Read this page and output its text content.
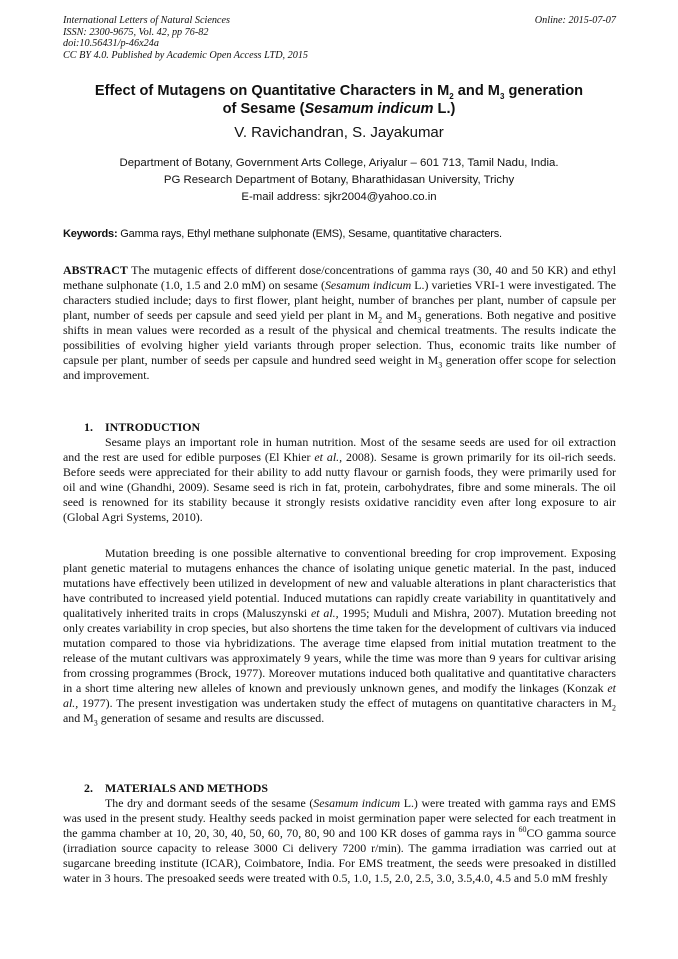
International Letters of Natural Sciences
ISSN: 2300-9675, Vol. 42, pp 76-82
doi:10.56431/p-46x24a
CC BY 4.0. Published by Academic Open Access LTD, 2015
Online: 2015-07-07
Effect of Mutagens on Quantitative Characters in $M_2$ and $M_3$ generation
of Sesame (Sesamum indicum L.)
V. Ravichandran, S. Jayakumar
Department of Botany, Government Arts College, Ariyalur – 601 713, Tamil Nadu, India.
PG Research Department of Botany, Bharathidasan University, Trichy
E-mail address: sjkr2004@yahoo.co.in
Keywords: Gamma rays, Ethyl methane sulphonate (EMS), Sesame, quantitative characters.
ABSTRACT The mutagenic effects of different dose/concentrations of gamma rays (30, 40 and 50 KR) and ethyl methane sulphonate (1.0, 1.5 and 2.0 mM) on sesame (Sesamum indicum L.) varieties VRI-1 were investigated. The characters studied include; days to first flower, plant height, number of branches per plant, number of capsule per plant, number of seeds per capsule and seed yield per plant in $M_2$ and $M_3$ generations. Both negative and positive shifts in mean values were recorded as a result of the physical and chemical treatments. The results indicate the possibilities of evolving higher yield variants through proper selection. Thus, economic traits like number of capsule per plant, number of seeds per capsule and hundred seed weight in $M_3$ generation offer scope for selection and improvement.
1. INTRODUCTION
Sesame plays an important role in human nutrition. Most of the sesame seeds are used for oil extraction and the rest are used for edible purposes (El Khier et al., 2008). Sesame is grown primarily for its oil-rich seeds. Before seeds were appreciated for their ability to add nutty flavour or garnish foods, they were primarily used for oil and wine (Ghandhi, 2009). Sesame seed is rich in fat, protein, carbohydrates, fibre and some minerals. The oil seed is renowned for its stability because it strongly resists oxidative rancidity even after long exposure to air (Global Agri Systems, 2010).
Mutation breeding is one possible alternative to conventional breeding for crop improvement. Exposing plant genetic material to mutagens enhances the chance of isolating unique genetic material. In the past, induced mutations have effectively been utilized in development of new and valuable alterations in plant characteristics that have contributed to increased yield potential. Induced mutations can rapidly create variability in quantitatively and qualitatively inherited traits in crops (Maluszynski et al., 1995; Muduli and Mishra, 2007). Mutation breeding not only creates variability in crop species, but also shortens the time taken for the development of cultivars via induced mutation compared to those via hybridizations. The average time elapsed from initial mutation treatment to the release of the mutant cultivars was approximately 9 years, while the time was more than 9 years for cultivar arising from crossing programmes (Brock, 1977). Moreover mutations induced both qualitative and quantitative characters in a short time altering new alleles of known and previously unknown genes, and modify the linkages (Konzak et al., 1977). The present investigation was undertaken study the effect of mutagens on quantitative characters in $M_2$ and $M_3$ generation of sesame and results are discussed.
2. MATERIALS AND METHODS
The dry and dormant seeds of the sesame (Sesamum indicum L.) were treated with gamma rays and EMS was used in the present study. Healthy seeds packed in moist germination paper were selected for each treatment in the gamma chamber at 10, 20, 30, 40, 50, 60, 70, 80, 90 and 100 KR doses of gamma rays in $^{60}$CO gamma source (irradiation source capacity to release 3000 Ci delivery 7200 r/min). The gamma irradiation was carried out at sugarcane breeding institute (ICAR), Coimbatore, India. For EMS treatment, the seeds were presoaked in distilled water in 3 hours. The presoaked seeds were treated with 0.5, 1.0, 1.5, 2.0, 2.5, 3.0, 3.5,4.0, 4.5 and 5.0 mM freshly
